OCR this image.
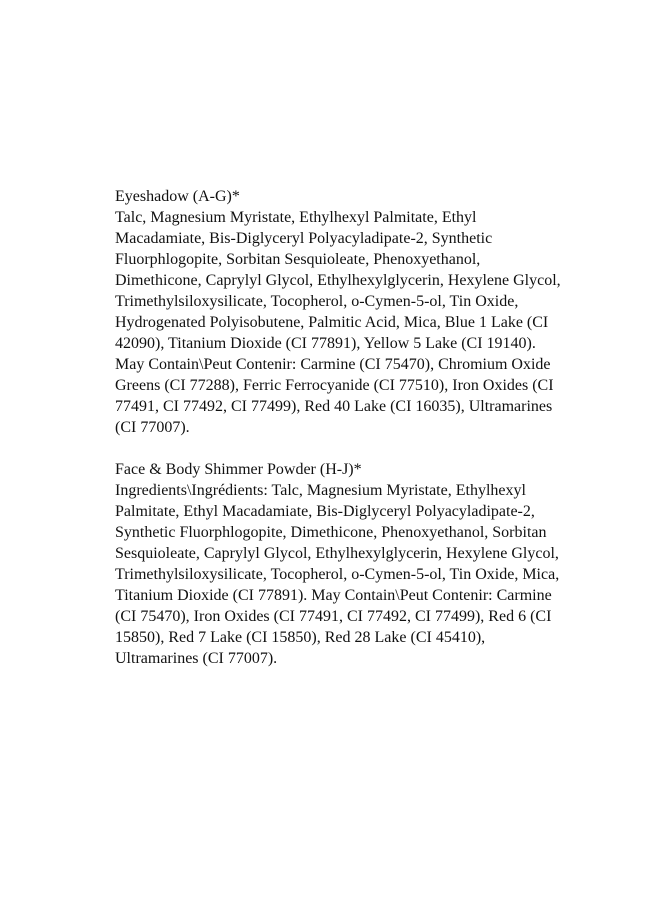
Eyeshadow (A-G)*
Talc, Magnesium Myristate, Ethylhexyl Palmitate, Ethyl Macadamiate, Bis-Diglyceryl Polyacyladipate-2, Synthetic Fluorphlogopite, Sorbitan Sesquioleate, Phenoxyethanol, Dimethicone, Caprylyl Glycol, Ethylhexylglycerin, Hexylene Glycol, Trimethylsiloxysilicate, Tocopherol, o-Cymen-5-ol, Tin Oxide, Hydrogenated Polyisobutene, Palmitic Acid, Mica, Blue 1 Lake (CI 42090), Titanium Dioxide (CI 77891), Yellow 5 Lake (CI 19140). May Contain\Peut Contenir: Carmine (CI 75470), Chromium Oxide Greens (CI 77288), Ferric Ferrocyanide (CI 77510), Iron Oxides (CI 77491, CI 77492, CI 77499), Red 40 Lake (CI 16035), Ultramarines (CI 77007).
Face & Body Shimmer Powder (H-J)*
Ingredients\Ingrédients: Talc, Magnesium Myristate, Ethylhexyl Palmitate, Ethyl Macadamiate, Bis-Diglyceryl Polyacyladipate-2, Synthetic Fluorphlogopite, Dimethicone, Phenoxyethanol, Sorbitan Sesquioleate, Caprylyl Glycol, Ethylhexylglycerin, Hexylene Glycol, Trimethylsiloxysilicate, Tocopherol, o-Cymen-5-ol, Tin Oxide, Mica, Titanium Dioxide (CI 77891). May Contain\Peut Contenir: Carmine (CI 75470), Iron Oxides (CI 77491, CI 77492, CI 77499), Red 6 (CI 15850), Red 7 Lake (CI 15850), Red 28 Lake (CI 45410), Ultramarines (CI 77007).
